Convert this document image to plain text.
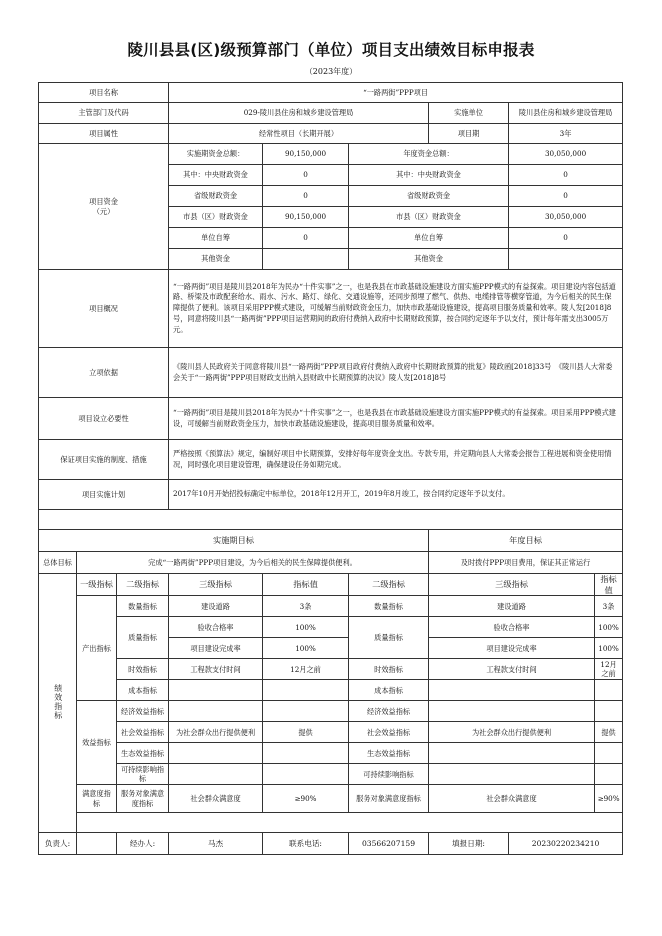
陵川县县(区)级预算部门（单位）项目支出绩效目标申报表
（2023年度）
项目名称			“一路两街”PPP项目					
主管部门及代码			029-陵川县住房和城乡建设管理局			实施单位	陵川县住房和城乡建设管理局	
项目属性			经常性项目（长期开展）			项目期	3年	

项目资金
（元）			实施期资金总额：	90,150,000	年度资金总额：		30,050,000	
			其中：中央财政资金	0	其中：中央财政资金		0	
			省级财政资金	0	省级财政资金		0	
			市县（区）财政资金	90,150,000	市县（区）财政资金		30,050,000	
			单位自筹	0	单位自筹		0	
			其他资金		其他资金			
项目概况			“一路两街”项目是陵川县2018年为民办“十件实事”之一，也是我县在市政基础设施建设方面实施PPP模式的有益探索。项目建设内容包括道路、桥梁及市政配套给水、雨水、污水、路灯、绿化、交通设施等，还同步预埋了燃气、供热、电缆排管等横穿管道，为今后相关的民生保障提供了便利。该项目采用PPP模式建设，可缓解当前财政资金压力，加快市政基础设施建设，提高项目服务质量和效率。陵人发[2018]8号，同意将陵川县“一路两街”PPP项目运营期间的政府付费纳入政府中长期财政预算，按合同约定逐年予以支付，预计每年需支出3005万元。					
立项依据			《陵川县人民政府关于同意将陵川县“一路两街”PPP项目政府付费纳入政府中长期财政预算的批复》陵政函[2018]33号　《陵川县人大常委会关于“一路两街”PPP项目财政支出纳入县财政中长期预算的决议》陵人发[2018]8号					
项目设立必要性			“一路两街”项目是陵川县2018年为民办“十件实事”之一，也是我县在市政基础设施建设方面实施PPP模式的有益探索。项目采用PPP模式建设，可缓解当前财政资金压力，加快市政基础设施建设，提高项目服务质量和效率。					
保证项目实施的制度、措施			严格按照《预算法》规定，编制好项目中长期预算，安排好每年度资金支出。专款专用，并定期向县人大常委会报告工程进展和资金使用情况，同时强化项目建设管理，确保建设任务如期完成。					
项目实施计划			2017年10月开始招投标确定中标单位，2018年12月开工，2019年8月竣工，按合同约定逐年予以支付。					

实施期目标						年度目标		
总体目标	完成“一路两街”PPP项目建设，为今后相关的民生保障提供便利。					及时拨付PPP项目费用，保证其正常运行		
绩效指标	一级指标	二级指标	三级指标	指标值	二级指标	三级指标		指标值
	产出指标	数量指标	建设道路	3条	数量指标	建设道路		3条
		质量指标	验收合格率	100%	质量指标	验收合格率		100%
			项目建设完成率	100%		项目建设完成率		100%
		时效指标	工程款支付时间	12月之前	时效指标	工程款支付时间		12月之前
		成本指标			成本指标			
	效益指标	经济效益指标			经济效益指标			
		社会效益指标	为社会群众出行提供便利	提供	社会效益指标	为社会群众出行提供便利		提供
		生态效益指标			生态效益指标			
		可持续影响指标			可持续影响指标			
	满意度指标	服务对象满意度指标	社会群众满意度	≥90%	服务对象满意度指标	社会群众满意度		≥90%

负责人:		经办人:	马杰	联系电话:	03566207159	填报日期:	20230220234210	
